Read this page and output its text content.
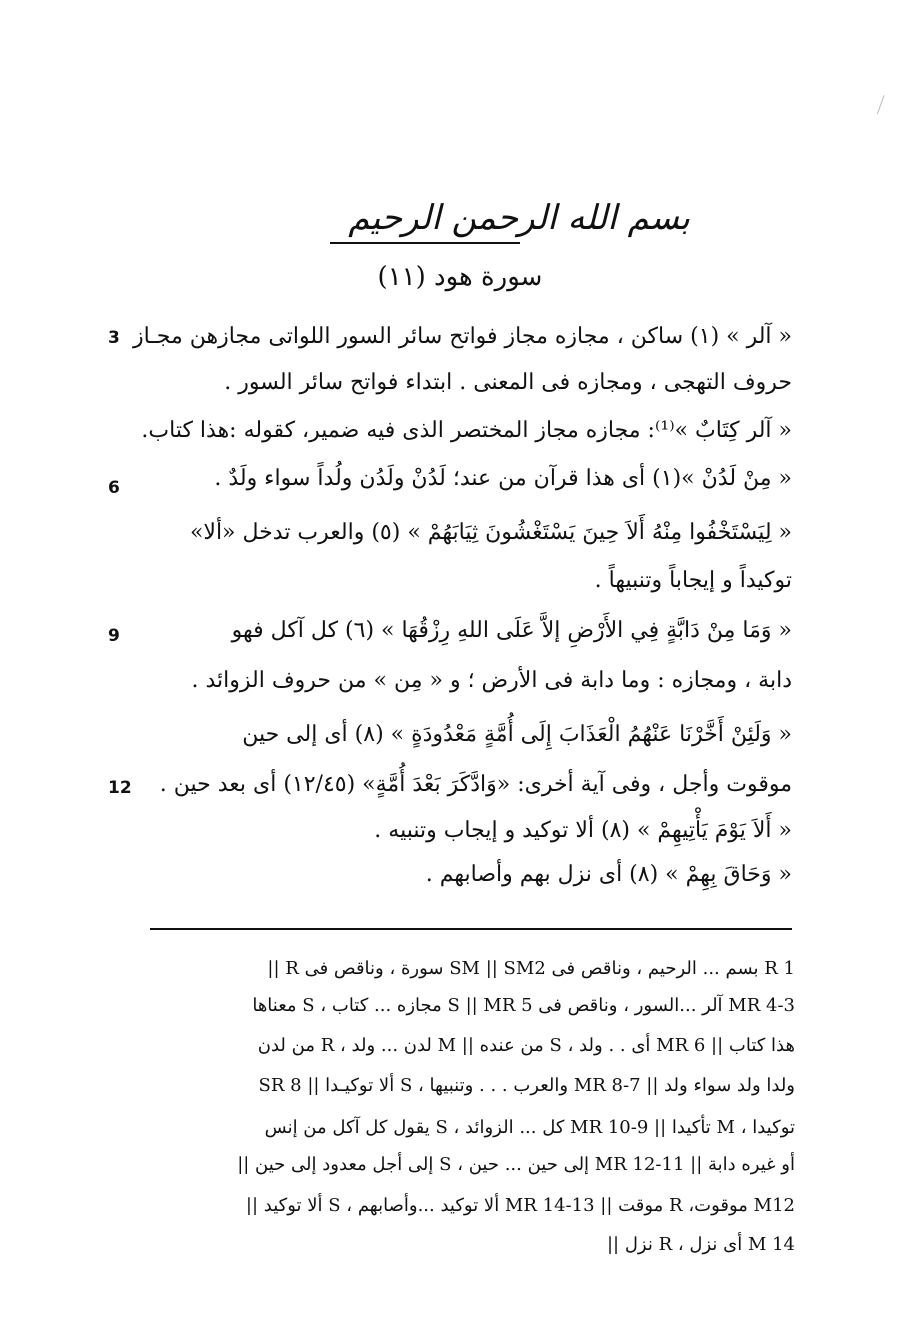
بسم الله الرحمن الرحيم
سورة هود (١١)
« آلر » (١) ساكن ، مجازه مجاز فواتح سائر السور اللواتى مجازهن مجـاز
3
حروف التهجى ، ومجازه فى المعنى . ابتداء فواتح سائر السور .
« آلر كِتَابٌ »⁽¹⁾: مجازه مجاز المختصر الذى فيه ضمير، كقوله :هذا كتاب.
« مِنْ لَدُنْ »(١) أى هذا قرآن من عند؛ لَدُنْ ولَدُن ولُداً سواء ولَدٌ .
6
« لِيَسْتَخْفُوا مِنْهُ أَلاَ حِينَ يَسْتَغْشُونَ ثِيَابَهُمْ » (٥) والعرب تدخل «ألا»
توكيداً و إيجاباً وتنبيهاً .
« وَمَا مِنْ دَابَّةٍ فِي الأَرْضِ إلاَّ عَلَى اللهِ رِزْقُهَا » (٦) كل آكل فهو
9
دابة ، ومجازه : وما دابة فى الأرض ؛ و « مِن » من حروف الزوائد .
« وَلَئِنْ أَخَّرْنَا عَنْهُمُ الْعَذَابَ إِلَى أُمَّةٍ مَعْدُودَةٍ » (٨) أى إلى حين
موقوت وأجل ، وفى آية أخرى: «وَادَّكَرَ بَعْدَ أُمَّةٍ» (١٢/٤٥) أى بعد حين .
12
« أَلاَ يَوْمَ يَأْتِيهِمْ » (٨) ألا توكيد و إيجاب وتنبيه .
« وَحَاقَ بِهِمْ » (٨) أى نزل بهم وأصابهم .
R 1 بسم ... الرحيم ، وناقص فى SM || SM2 سورة ، وناقص فى R ||
MR 4-3 آلر ...السور ، وناقص فى S || MR 5 مجازه ... كتاب ، S معناها
هذا كتاب || MR 6 أى . . ولد ، S من عنده || M لدن ... ولد ، R من لدن
ولدا ولد سواء ولد || MR 8-7 والعرب . . . وتنبيها ، S ألا توكيـدا || SR 8
توكيدا ، M تأكيدا || MR 10-9 كل ... الزوائد ، S يقول كل آكل من إنس
أو غيره دابة || MR 12-11 إلى حين ... حين ، S إلى أجل معدود إلى حين ||
M12 موقوت، R موقت || MR 14-13 ألا توكيد ...وأصابهم ، S ألا توكيد ||
M 14 أى نزل ، R نزل ||
